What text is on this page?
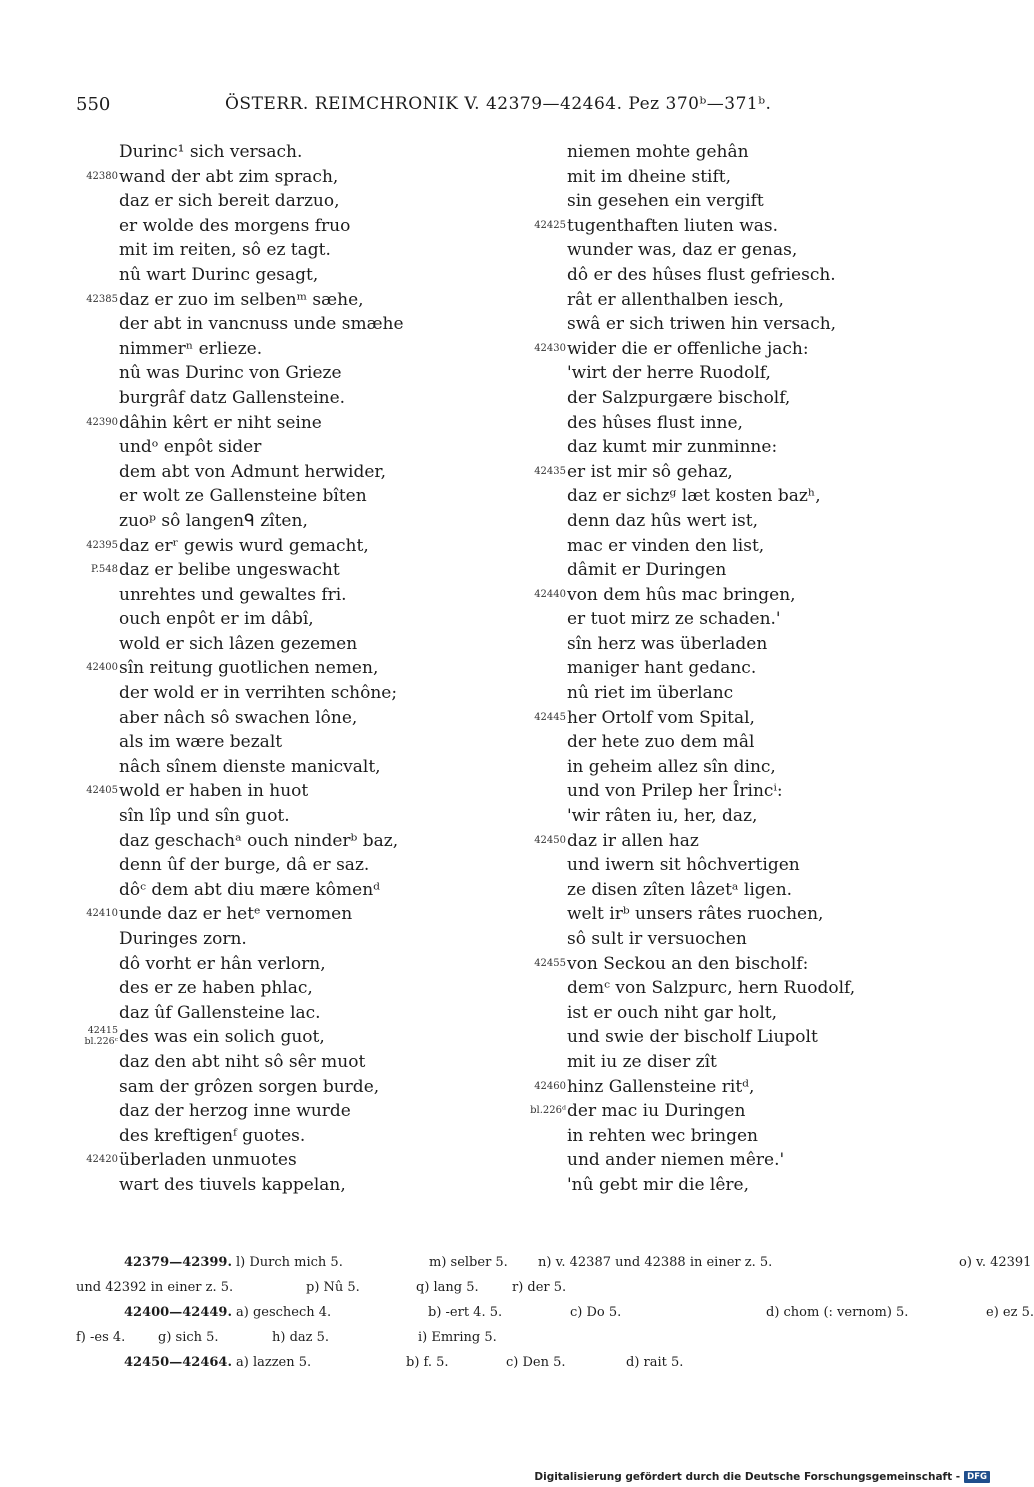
550	ÖSTERR. REIMCHRONIK V. 42379—42464. Pez 370ᵇ—371ᵇ.
Durinc¹ sich versach.
42380 wand der abt zim sprach,
daz er sich bereit darzuo,
er wolde des morgens fruo
mit im reiten, sô ez tagt.
nû wart Durinc gesagt,
42385 daz er zuo im selbenᵐ sæhe,
der abt in vancnuss unde smæhe
nimmerⁿ erlieze.
nû was Durinc von Grieze
burgrâf datz Gallensteine.
42390 dâhin kêrt er niht seine
undᵒ enpôt sider
dem abt von Admunt herwider,
er wolt ze Gallensteine bîten
zuoᵖ sô langenᑫ zîten,
42395 daz erʳ gewis wurd gemacht,
P.548 daz er belibe ungeswacht
unrehtes und gewaltes fri.
ouch enpôt er im dâbî,
wold er sich lâzen gezemen
42400 sîn reitung guotlichen nemen,
der wold er in verrihten schône;
aber nâch sô swachen lône,
als im wære bezalt
nâch sînem dienste manicvalt,
42405 wold er haben in huot
sîn lîp und sîn guot.
daz geschachᵃ ouch ninderᵇ baz,
denn ûf der burge, dâ er saz.
dôᶜ dem abt diu mære kômenᵈ
42410 unde daz er hetᵉ vernomen
Duringes zorn.
dô vorht er hân verlorn,
des er ze haben phlac,
daz ûf Gallensteine lac.
42415
bl.226ᶜ des was ein solich guot,
daz den abt niht sô sêr muot
sam der grôzen sorgen burde,
daz der herzog inne wurde
des kreftigenᶠ guotes.
42420 überladen unmuotes
wart des tiuvels kappelan,
niemen mohte gehân
mit im dheine stift,
sin gesehen ein vergift
42425 tugenthaften liuten was.
wunder was, daz er genas,
dô er des hûses flust gefriesch.
rât er allenthalben iesch,
swâ er sich triwen hin versach,
42430 wider die er offenliche jach:
'wirt der herre Ruodolf,
der Salzpurgære bischolf,
des hûses flust inne,
daz kumt mir zunminne:
42435 er ist mir sô gehaz,
daz er sichzᵍ læt kosten bazʰ,
denn daz hûs wert ist,
mac er vinden den list,
dâmit er Duringen
42440 von dem hûs mac bringen,
er tuot mirz ze schaden.'
sîn herz was überladen
maniger hant gedanc.
nû riet im überlanc
42445 her Ortolf vom Spital,
der hete zuo dem mâl
in geheim allez sîn dinc,
und von Prilep her Îrincⁱ:
'wir râten iu, her, daz,
42450 daz ir allen haz
und iwern sit hôchvertigen
ze disen zîten lâzetᵃ ligen.
welt irᵇ unsers râtes ruochen,
sô sult ir versuochen
42455 von Seckou an den bischolf:
demᶜ von Salzpurc, hern Ruodolf,
ist er ouch niht gar holt,
und swie der bischolf Liupolt
mit iu ze diser zît
42460 hinz Gallensteine ritᵈ,
bl.226ᵈ der mac iu Duringen
in rehten wec bringen
und ander niemen mêre.'
'nû gebt mir die lêre,
42379—42399. l) Durch mich 5.	m) selber 5. n) v. 42387 und 42388 in einer z. 5.	o) v. 42391
und 42392 in einer z. 5.	p) Nû 5.	q) lang 5.	r) der 5.
42400—42449. a) geschech 4.	b) -ert 4. 5.	c) Do 5.	d) chom (: vernom) 5.	e) ez 5.
f) -es 4.	g) sich 5.	h) daz 5.	i) Emring 5.
42450—42464. a) lazzen 5.	b) f. 5.	c) Den 5.	d) rait 5.
Digitalisierung gefördert durch die Deutsche Forschungsgemeinschaft - DFG
